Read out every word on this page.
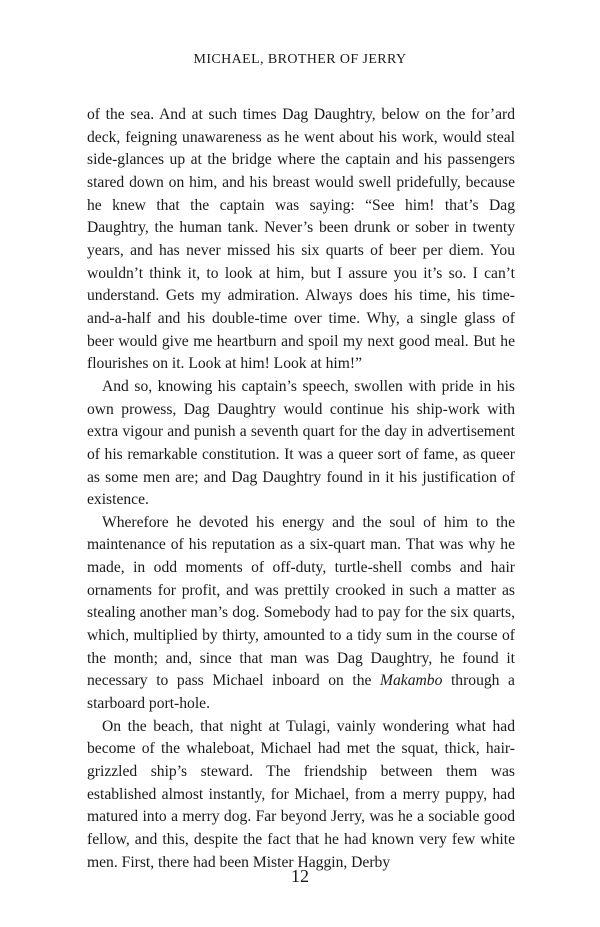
MICHAEL, BROTHER OF JERRY

of the sea. And at such times Dag Daughtry, below on the for’ard deck, feigning unawareness as he went about his work, would steal side-glances up at the bridge where the captain and his passengers stared down on him, and his breast would swell pridefully, because he knew that the captain was saying: “See him! that’s Dag Daughtry, the human tank. Never’s been drunk or sober in twenty years, and has never missed his six quarts of beer per diem. You wouldn’t think it, to look at him, but I assure you it’s so. I can’t understand. Gets my admiration. Always does his time, his time-and-a-half and his double-time over time. Why, a single glass of beer would give me heartburn and spoil my next good meal. But he flourishes on it. Look at him! Look at him!”

And so, knowing his captain’s speech, swollen with pride in his own prowess, Dag Daughtry would continue his ship-work with extra vigour and punish a seventh quart for the day in advertisement of his remarkable constitution. It was a queer sort of fame, as queer as some men are; and Dag Daughtry found in it his justification of existence.

Wherefore he devoted his energy and the soul of him to the maintenance of his reputation as a six-quart man. That was why he made, in odd moments of off-duty, turtle-shell combs and hair ornaments for profit, and was prettily crooked in such a matter as stealing another man’s dog. Somebody had to pay for the six quarts, which, multiplied by thirty, amounted to a tidy sum in the course of the month; and, since that man was Dag Daughtry, he found it necessary to pass Michael inboard on the Makambo through a starboard port-hole.

On the beach, that night at Tulagi, vainly wondering what had become of the whaleboat, Michael had met the squat, thick, hair-grizzled ship’s steward. The friendship between them was established almost instantly, for Michael, from a merry puppy, had matured into a merry dog. Far beyond Jerry, was he a sociable good fellow, and this, despite the fact that he had known very few white men. First, there had been Mister Haggin, Derby

12
